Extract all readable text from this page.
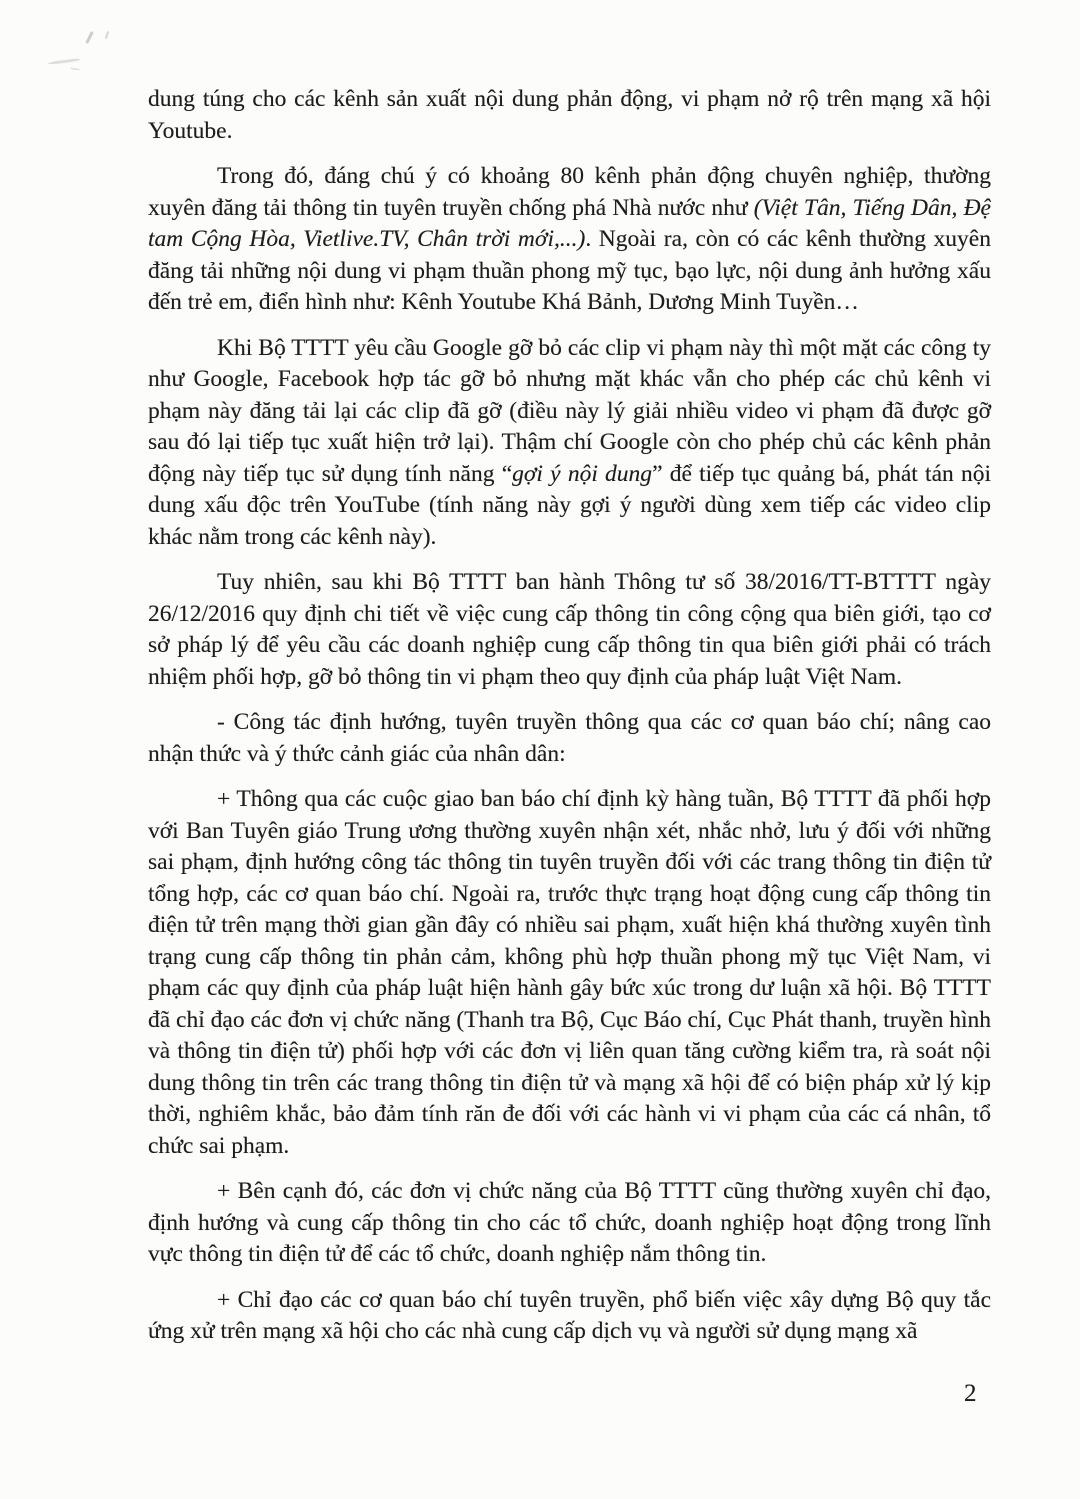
dung túng cho các kênh sản xuất nội dung phản động, vi phạm nở rộ trên mạng xã hội Youtube.

Trong đó, đáng chú ý có khoảng 80 kênh phản động chuyên nghiệp, thường xuyên đăng tải thông tin tuyên truyền chống phá Nhà nước như (Việt Tân, Tiếng Dân, Đệ tam Cộng Hòa, Vietlive.TV, Chân trời mới,...). Ngoài ra, còn có các kênh thường xuyên đăng tải những nội dung vi phạm thuần phong mỹ tục, bạo lực, nội dung ảnh hưởng xấu đến trẻ em, điển hình như: Kênh Youtube Khá Bảnh, Dương Minh Tuyền…

Khi Bộ TTTT yêu cầu Google gỡ bỏ các clip vi phạm này thì một mặt các công ty như Google, Facebook hợp tác gỡ bỏ nhưng mặt khác vẫn cho phép các chủ kênh vi phạm này đăng tải lại các clip đã gỡ (điều này lý giải nhiều video vi phạm đã được gỡ sau đó lại tiếp tục xuất hiện trở lại). Thậm chí Google còn cho phép chủ các kênh phản động này tiếp tục sử dụng tính năng “gợi ý nội dung” để tiếp tục quảng bá, phát tán nội dung xấu độc trên YouTube (tính năng này gợi ý người dùng xem tiếp các video clip khác nằm trong các kênh này).

Tuy nhiên, sau khi Bộ TTTT ban hành Thông tư số 38/2016/TT-BTTTT ngày 26/12/2016 quy định chi tiết về việc cung cấp thông tin công cộng qua biên giới, tạo cơ sở pháp lý để yêu cầu các doanh nghiệp cung cấp thông tin qua biên giới phải có trách nhiệm phối hợp, gỡ bỏ thông tin vi phạm theo quy định của pháp luật Việt Nam.

- Công tác định hướng, tuyên truyền thông qua các cơ quan báo chí; nâng cao nhận thức và ý thức cảnh giác của nhân dân:

+ Thông qua các cuộc giao ban báo chí định kỳ hàng tuần, Bộ TTTT đã phối hợp với Ban Tuyên giáo Trung ương thường xuyên nhận xét, nhắc nhở, lưu ý đối với những sai phạm, định hướng công tác thông tin tuyên truyền đối với các trang thông tin điện tử tổng hợp, các cơ quan báo chí. Ngoài ra, trước thực trạng hoạt động cung cấp thông tin điện tử trên mạng thời gian gần đây có nhiều sai phạm, xuất hiện khá thường xuyên tình trạng cung cấp thông tin phản cảm, không phù hợp thuần phong mỹ tục Việt Nam, vi phạm các quy định của pháp luật hiện hành gây bức xúc trong dư luận xã hội. Bộ TTTT đã chỉ đạo các đơn vị chức năng (Thanh tra Bộ, Cục Báo chí, Cục Phát thanh, truyền hình và thông tin điện tử) phối hợp với các đơn vị liên quan tăng cường kiểm tra, rà soát nội dung thông tin trên các trang thông tin điện tử và mạng xã hội để có biện pháp xử lý kịp thời, nghiêm khắc, bảo đảm tính răn đe đối với các hành vi vi phạm của các cá nhân, tổ chức sai phạm.

+ Bên cạnh đó, các đơn vị chức năng của Bộ TTTT cũng thường xuyên chỉ đạo, định hướng và cung cấp thông tin cho các tổ chức, doanh nghiệp hoạt động trong lĩnh vực thông tin điện tử để các tổ chức, doanh nghiệp nắm thông tin.

+ Chỉ đạo các cơ quan báo chí tuyên truyền, phổ biến việc xây dựng Bộ quy tắc ứng xử trên mạng xã hội cho các nhà cung cấp dịch vụ và người sử dụng mạng xã

2
